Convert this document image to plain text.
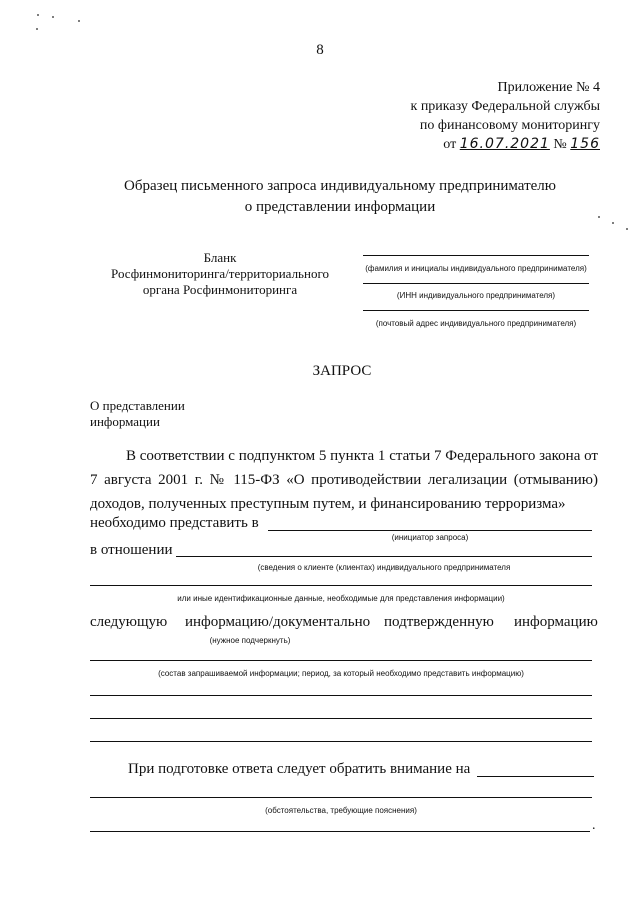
8
Приложение № 4
к приказу Федеральной службы
по финансовому мониторингу
от 16.07.2021 № 156
Образец письменного запроса индивидуальному предпринимателю
о представлении информации
Бланк
Росфинмониторинга/территориального
органа Росфинмониторинга
(фамилия и инициалы индивидуального предпринимателя)
(ИНН индивидуального предпринимателя)
(почтовый адрес индивидуального предпринимателя)
ЗАПРОС
О представлении
информации
В соответствии с подпунктом 5 пункта 1 статьи 7 Федерального закона от 7 августа 2001 г. № 115-ФЗ «О противодействии легализации (отмыванию) доходов, полученных преступным путем, и финансированию терроризма»
необходимо представить в
(инициатор запроса)
в отношении
(сведения о клиенте (клиентах) индивидуального предпринимателя
или иные идентификационные данные, необходимые для представления информации)
следующую информацию/документально подтвержденную информацию
(нужное подчеркнуть)
(состав запрашиваемой информации; период, за который необходимо представить информацию)
При подготовке ответа следует обратить внимание на
(обстоятельства, требующие пояснения)
.
